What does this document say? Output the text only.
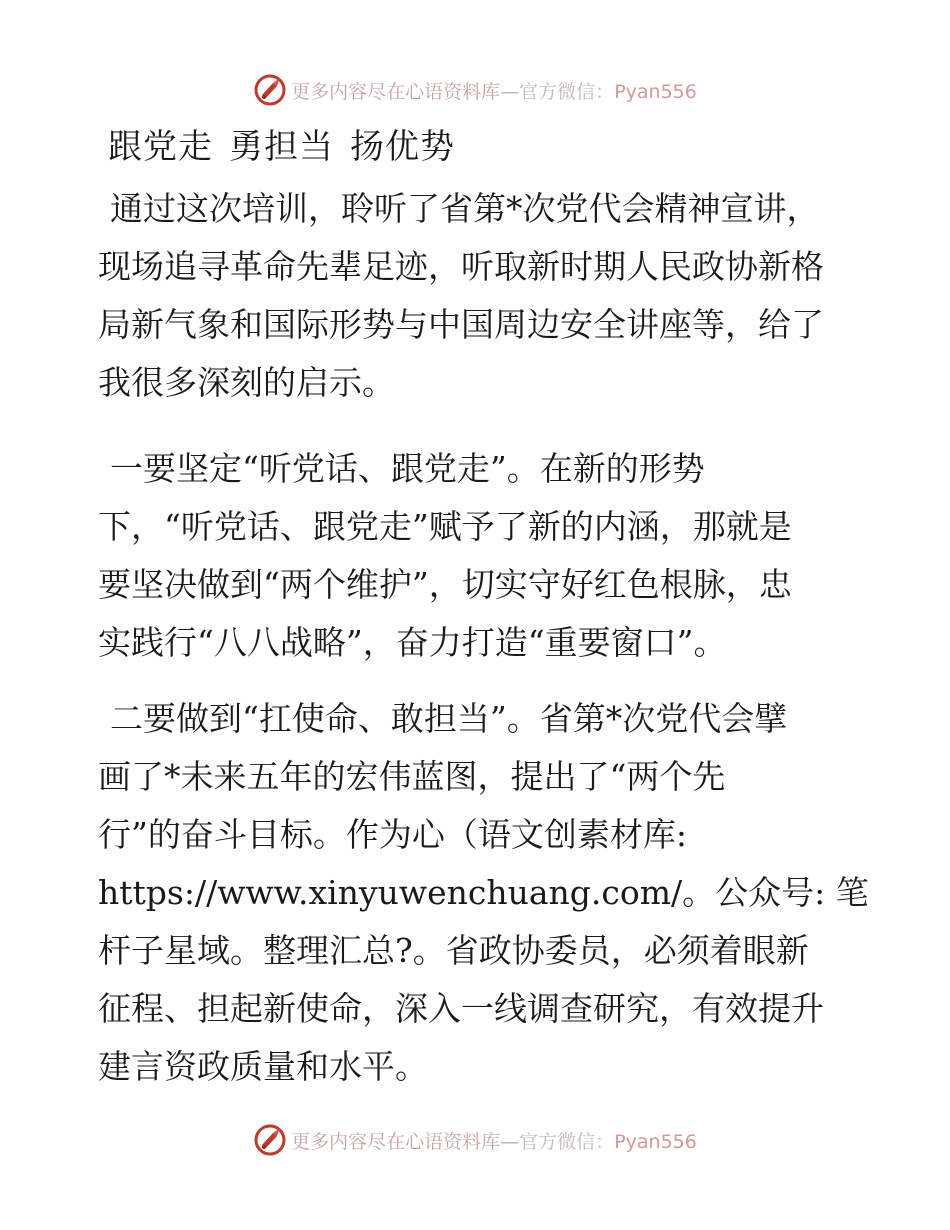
更多内容尽在心语资料库—官方微信：Pyan556
跟党走 勇担当 扬优势
通过这次培训，聆听了省第*次党代会精神宣讲，
现场追寻革命先辈足迹，听取新时期人民政协新格
局新气象和国际形势与中国周边安全讲座等，给了
我很多深刻的启示。
一要坚定“听党话、跟党走”。在新的形势
下，“听党话、跟党走”赋予了新的内涵，那就是
要坚决做到“两个维护”，切实守好红色根脉，忠
实践行“八八战略”，奋力打造“重要窗口”。
二要做到“扛使命、敢担当”。省第*次党代会擘
画了*未来五年的宏伟蓝图，提出了“两个先
行”的奋斗目标。作为心（语文创素材库:
https://www.xinyuwenchuang.com/。公众号: 笔
杆子星域。整理汇总?。省政协委员，必须着眼新
征程、担起新使命，深入一线调查研究，有效提升
建言资政质量和水平。
更多内容尽在心语资料库—官方微信：Pyan556
